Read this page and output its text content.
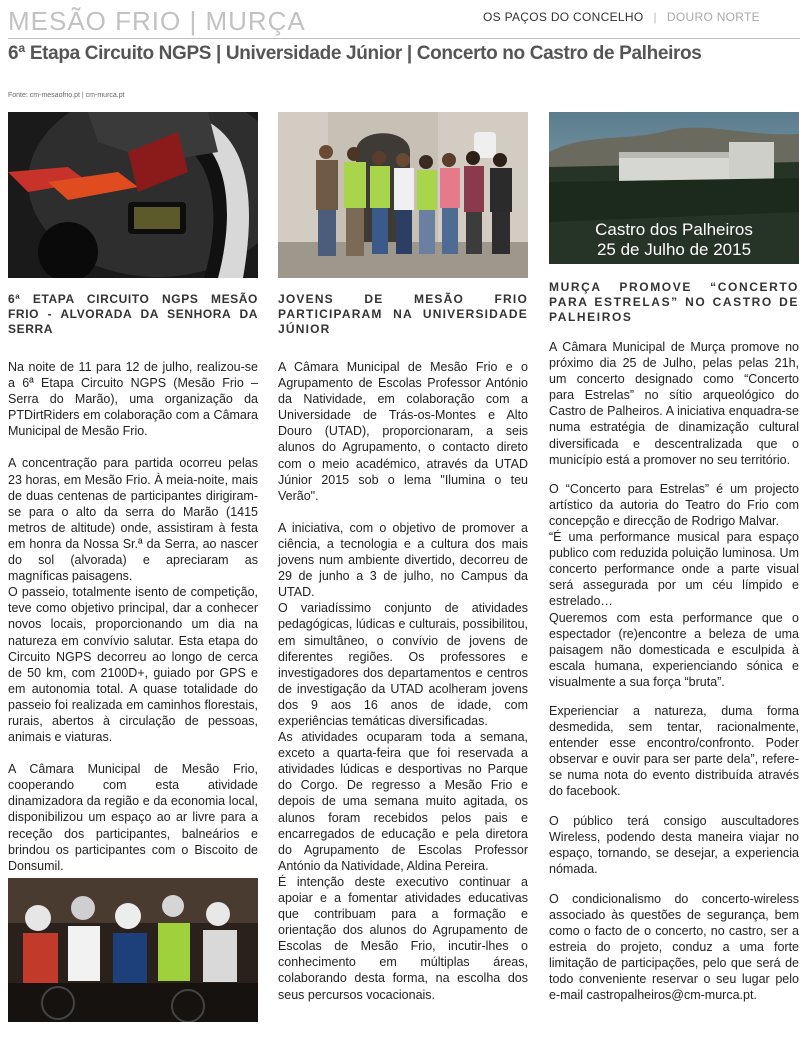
MESÃO FRIO | MURÇA	OS PAÇOS DO CONCELHO | DOURO NORTE
6ª Etapa Circuito NGPS | Universidade Júnior | Concerto no Castro de Palheiros
Fonte: cm-mesaofrio.pt | cm-murca.pt
6ª ETAPA CIRCUITO NGPS MESÃO FRIO - ALVORADA DA SENHORA DA SERRA

Na noite de 11 para 12 de julho, realizou-se a 6ª Etapa Circuito NGPS (Mesão Frio – Serra do Marão), uma organização da PTDirtRiders em colaboração com a Câmara Municipal de Mesão Frio.

A concentração para partida ocorreu pelas 23 horas, em Mesão Frio. À meia-noite, mais de duas centenas de participantes dirigiram-se para o alto da serra do Marão (1415 metros de altitude) onde, assistiram à festa em honra da Nossa Sr.ª da Serra, ao nascer do sol (alvorada) e apreciaram as magníficas paisagens.

O passeio, totalmente isento de competição, teve como objetivo principal, dar a conhecer novos locais, proporcionando um dia na natureza em convívio salutar. Esta etapa do Circuito NGPS decorreu ao longo de cerca de 50 km, com 2100D+, guiado por GPS e em autonomia total. A quase totalidade do passeio foi realizada em caminhos florestais, rurais, abertos à circulação de pessoas, animais e viaturas.

A Câmara Municipal de Mesão Frio, cooperando com esta atividade dinamizadora da região e da economia local, disponibilizou um espaço ao ar livre para a receção dos participantes, balneários e brindou os participantes com o Biscoito de Donsumil.

JOVENS DE MESÃO FRIO PARTICIPARAM NA UNIVERSIDADE JÚNIOR

A Câmara Municipal de Mesão Frio e o Agrupamento de Escolas Professor António da Natividade, em colaboração com a Universidade de Trás-os-Montes e Alto Douro (UTAD), proporcionaram, a seis alunos do Agrupamento, o contacto direto com o meio académico, através da UTAD Júnior 2015 sob o lema "Ilumina o teu Verão".

A iniciativa, com o objetivo de promover a ciência, a tecnologia e a cultura dos mais jovens num ambiente divertido, decorreu de 29 de junho a 3 de julho, no Campus da UTAD.

O variadíssimo conjunto de atividades pedagógicas, lúdicas e culturais, possibilitou, em simultâneo, o convívio de jovens de diferentes regiões. Os professores e investigadores dos departamentos e centros de investigação da UTAD acolheram jovens dos 9 aos 16 anos de idade, com experiências temáticas diversificadas.

As atividades ocuparam toda a semana, exceto a quarta-feira que foi reservada a atividades lúdicas e desportivas no Parque do Corgo. De regresso a Mesão Frio e depois de uma semana muito agitada, os alunos foram recebidos pelos pais e encarregados de educação e pela diretora do Agrupamento de Escolas Professor António da Natividade, Aldina Pereira.

É intenção deste executivo continuar a apoiar e a fomentar atividades educativas que contribuam para a formação e orientação dos alunos do Agrupamento de Escolas de Mesão Frio, incutir-lhes o conhecimento em múltiplas áreas, colaborando desta forma, na escolha dos seus percursos vocacionais.

Castro dos Palheiros
25 de Julho de 2015
MURÇA PROMOVE “CONCERTO PARA ESTRELAS” NO CASTRO DE PALHEIROS

A Câmara Municipal de Murça promove no próximo dia 25 de Julho, pelas pelas 21h, um concerto designado como “Concerto para Estrelas” no sítio arqueológico do Castro de Palheiros. A iniciativa enquadra-se numa estratégia de dinamização cultural diversificada e descentralizada que o município está a promover no seu território.

O “Concerto para Estrelas” é um projecto artístico da autoria do Teatro do Frio com concepção e direcção de Rodrigo Malvar.

“É uma performance musical para espaço publico com reduzida poluição luminosa. Um concerto performance onde a parte visual será assegurada por um céu límpido e estrelado…

Queremos com esta performance que o espectador (re)encontre a beleza de uma paisagem não domesticada e esculpida à escala humana, experienciando sónica e visualmente a sua força “bruta”.

Experienciar a natureza, duma forma desmedida, sem tentar, racionalmente, entender esse encontro/confronto. Poder observar e ouvir para ser parte dela”, refere-se numa nota do evento distribuída através do facebook.

O público terá consigo auscultadores Wireless, podendo desta maneira viajar no espaço, tornando, se desejar, a experiencia nómada.

O condicionalismo do concerto-wireless associado às questões de segurança, bem como o facto de o concerto, no castro, ser a estreia do projeto, conduz a uma forte limitação de participações, pelo que será de todo conveniente reservar o seu lugar pelo e-mail castropalheiros@cm-murca.pt.
